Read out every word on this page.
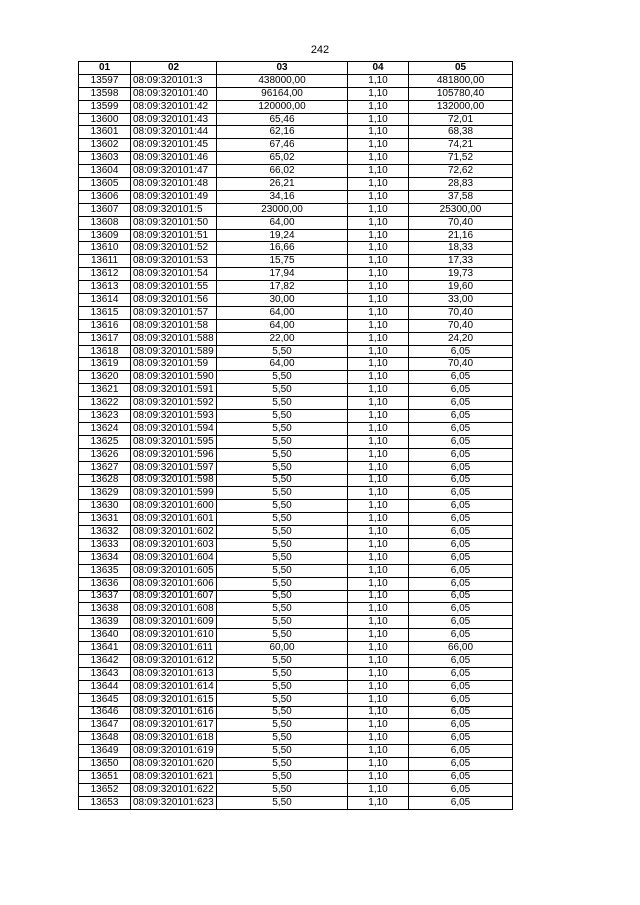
242
01	02	03	04	05
13597	08:09:320101:3	438000,00	1,10	481800,00
13598	08:09:320101:40	96164,00	1,10	105780,40
13599	08:09:320101:42	120000,00	1,10	132000,00
13600	08:09:320101:43	65,46	1,10	72,01
13601	08:09:320101:44	62,16	1,10	68,38
13602	08:09:320101:45	67,46	1,10	74,21
13603	08:09:320101:46	65,02	1,10	71,52
13604	08:09:320101:47	66,02	1,10	72,62
13605	08:09:320101:48	26,21	1,10	28,83
13606	08:09:320101:49	34,16	1,10	37,58
13607	08:09:320101:5	23000,00	1,10	25300,00
13608	08:09:320101:50	64,00	1,10	70,40
13609	08:09:320101:51	19,24	1,10	21,16
13610	08:09:320101:52	16,66	1,10	18,33
13611	08:09:320101:53	15,75	1,10	17,33
13612	08:09:320101:54	17,94	1,10	19,73
13613	08:09:320101:55	17,82	1,10	19,60
13614	08:09:320101:56	30,00	1,10	33,00
13615	08:09:320101:57	64,00	1,10	70,40
13616	08:09:320101:58	64,00	1,10	70,40
13617	08:09:320101:588	22,00	1,10	24,20
13618	08:09:320101:589	5,50	1,10	6,05
13619	08:09:320101:59	64,00	1,10	70,40
13620	08:09:320101:590	5,50	1,10	6,05
13621	08:09:320101:591	5,50	1,10	6,05
13622	08:09:320101:592	5,50	1,10	6,05
13623	08:09:320101:593	5,50	1,10	6,05
13624	08:09:320101:594	5,50	1,10	6,05
13625	08:09:320101:595	5,50	1,10	6,05
13626	08:09:320101:596	5,50	1,10	6,05
13627	08:09:320101:597	5,50	1,10	6,05
13628	08:09:320101:598	5,50	1,10	6,05
13629	08:09:320101:599	5,50	1,10	6,05
13630	08:09:320101:600	5,50	1,10	6,05
13631	08:09:320101:601	5,50	1,10	6,05
13632	08:09:320101:602	5,50	1,10	6,05
13633	08:09:320101:603	5,50	1,10	6,05
13634	08:09:320101:604	5,50	1,10	6,05
13635	08:09:320101:605	5,50	1,10	6,05
13636	08:09:320101:606	5,50	1,10	6,05
13637	08:09:320101:607	5,50	1,10	6,05
13638	08:09:320101:608	5,50	1,10	6,05
13639	08:09:320101:609	5,50	1,10	6,05
13640	08:09:320101:610	5,50	1,10	6,05
13641	08:09:320101:611	60,00	1,10	66,00
13642	08:09:320101:612	5,50	1,10	6,05
13643	08:09:320101:613	5,50	1,10	6,05
13644	08:09:320101:614	5,50	1,10	6,05
13645	08:09:320101:615	5,50	1,10	6,05
13646	08:09:320101:616	5,50	1,10	6,05
13647	08:09:320101:617	5,50	1,10	6,05
13648	08:09:320101:618	5,50	1,10	6,05
13649	08:09:320101:619	5,50	1,10	6,05
13650	08:09:320101:620	5,50	1,10	6,05
13651	08:09:320101:621	5,50	1,10	6,05
13652	08:09:320101:622	5,50	1,10	6,05
13653	08:09:320101:623	5,50	1,10	6,05
